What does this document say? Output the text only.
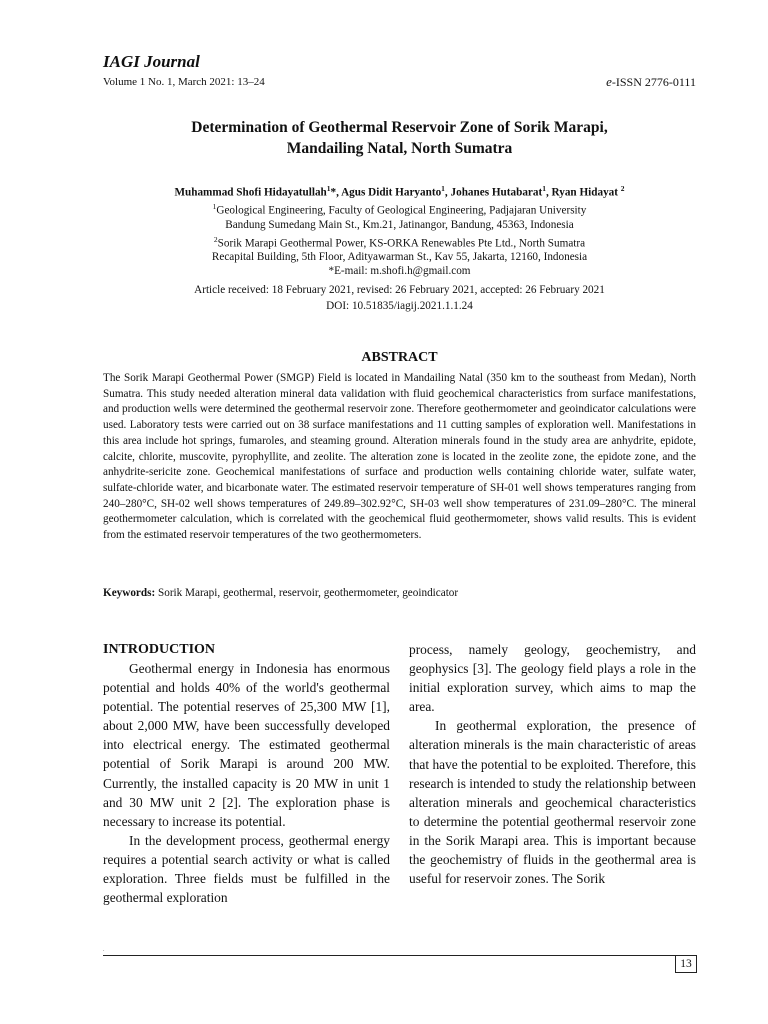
IAGI Journal
Volume 1 No. 1, March 2021: 13–24	e-ISSN 2776-0111
Determination of Geothermal Reservoir Zone of Sorik Marapi,
Mandailing Natal, North Sumatra
Muhammad Shofi Hidayatullah$^1$*, Agus Didit Haryanto$^1$, Johanes Hutabarat$^1$, Ryan Hidayat $^2$
$^1$Geological Engineering, Faculty of Geological Engineering, Padjajaran University
Bandung Sumedang Main St., Km.21, Jatinangor, Bandung, 45363, Indonesia
$^2$Sorik Marapi Geothermal Power, KS-ORKA Renewables Pte Ltd., North Sumatra
Recapital Building, 5th Floor, Adityawarman St., Kav 55, Jakarta, 12160, Indonesia
*E-mail: m.shofi.h@gmail.com
Article received: 18 February 2021, revised: 26 February 2021, accepted: 26 February 2021
DOI: 10.51835/iagij.2021.1.1.24
ABSTRACT

The Sorik Marapi Geothermal Power (SMGP) Field is located in Mandailing Natal (350 km to the southeast from Medan), North Sumatra. This study needed alteration mineral data validation with fluid geochemical characteristics from surface manifestations, and production wells were determined the geothermal reservoir zone. Therefore geothermometer and geoindicator calculations were used. Laboratory tests were carried out on 38 surface manifestations and 11 cutting samples of exploration well. Manifestations in this area include hot springs, fumaroles, and steaming ground. Alteration minerals found in the study area are anhydrite, epidote, calcite, chlorite, muscovite, pyrophyllite, and zeolite. The alteration zone is located in the zeolite zone, the epidote zone, and the anhydrite-sericite zone. Geochemical manifestations of surface and production wells containing chloride water, sulfate water, sulfate-chloride water, and bicarbonate water. The estimated reservoir temperature of SH-01 well shows temperatures ranging from 240–280°C, SH-02 well shows temperatures of 249.89–302.92°C, SH-03 well show temperatures of 231.09–280°C. The mineral geothermometer calculation, which is correlated with the geochemical fluid geothermometer, shows valid results. This is evident from the estimated reservoir temperatures of the two geothermometers.

Keywords: Sorik Marapi, geothermal, reservoir, geothermometer, geoindicator
INTRODUCTION

Geothermal energy in Indonesia has enormous potential and holds 40% of the world's geothermal potential. The potential reserves of 25,300 MW [1], about 2,000 MW, have been successfully developed into electrical energy. The estimated geothermal potential of Sorik Marapi is around 200 MW. Currently, the installed capacity is 20 MW in unit 1 and 30 MW unit 2 [2]. The exploration phase is necessary to increase its potential.

In the development process, geothermal energy requires a potential search activity or what is called exploration. Three fields must be fulfilled in the geothermal exploration

process, namely geology, geochemistry, and geophysics [3]. The geology field plays a role in the initial exploration survey, which aims to map the area.

In geothermal exploration, the presence of alteration minerals is the main characteristic of areas that have the potential to be exploited. Therefore, this research is intended to study the relationship between alteration minerals and geochemical characteristics to determine the potential geothermal reservoir zone in the Sorik Marapi area. This is important because the geochemistry of fluids in the geothermal area is useful for reservoir zones. The Sorik

.
13
